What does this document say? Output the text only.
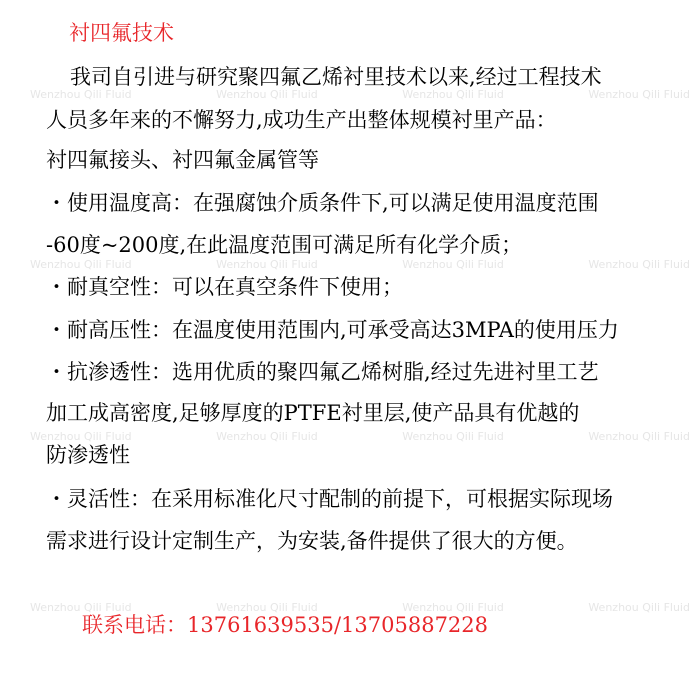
Wenzhou Qili Fluid	Wenzhou Qili Fluid	Wenzhou Qili Fluid	Wenzhou Qili Fluid
Wenzhou Qili Fluid	Wenzhou Qili Fluid	Wenzhou Qili Fluid	Wenzhou Qili Fluid
Wenzhou Qili Fluid	Wenzhou Qili Fluid	Wenzhou Qili Fluid	Wenzhou Qili Fluid
Wenzhou Qili Fluid	Wenzhou Qili Fluid	Wenzhou Qili Fluid	Wenzhou Qili Fluid
衬四氟技术
我司自引进与研究聚四氟乙烯衬里技术以来,经过工程技术
人员多年来的不懈努力,成功生产出整体规模衬里产品：
衬四氟接头、衬四氟金属管等
・使用温度高：在强腐蚀介质条件下,可以满足使用温度范围
-60度~200度,在此温度范围可满足所有化学介质；
・耐真空性：可以在真空条件下使用；
・耐高压性：在温度使用范围内,可承受高达3MPA的使用压力
・抗渗透性：选用优质的聚四氟乙烯树脂,经过先进衬里工艺
加工成高密度,足够厚度的PTFE衬里层,使产品具有优越的
防渗透性
・灵活性：在采用标准化尺寸配制的前提下，可根据实际现场
需求进行设计定制生产，为安装,备件提供了很大的方便。
联系电话：13761639535/13705887228
